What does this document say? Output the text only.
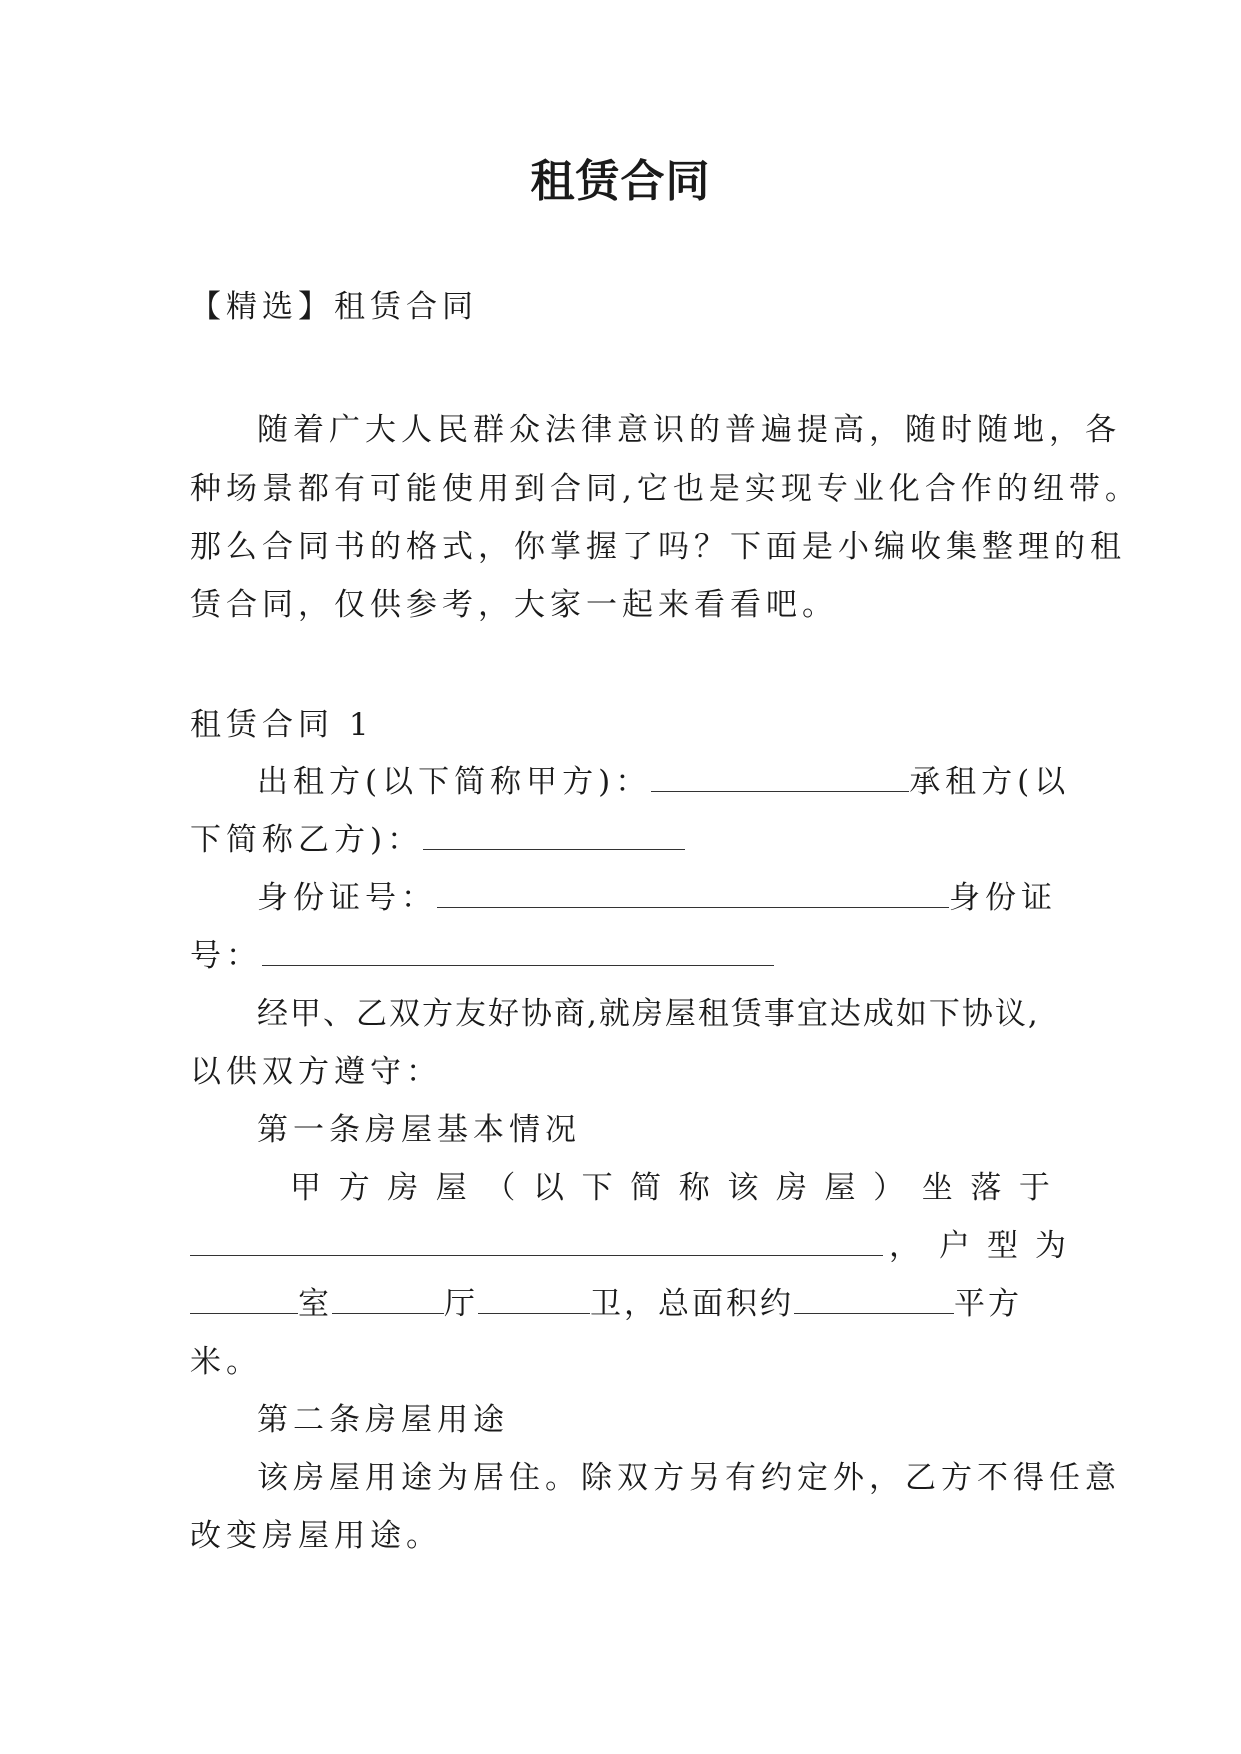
租赁合同
【精选】租赁合同
随着广大人民群众法律意识的普遍提高，随时随地，各
种场景都有可能使用到合同,它也是实现专业化合作的纽带。
那么合同书的格式，你掌握了吗？下面是小编收集整理的租
赁合同，仅供参考，大家一起来看看吧。
租赁合同 1
出租方(以下简称甲方)：	承租方(以
下简称乙方)：
身份证号：	身份证
号：
经甲、乙双方友好协商,就房屋租赁事宜达成如下协议,
以供双方遵守：
第一条房屋基本情况
甲 方 房 屋 （ 以 下 简 称 该 房 屋 ） 坐 落 于
， 户 型 为
室	厅	卫，总面积约	平方
米。
第二条房屋用途
该房屋用途为居住。除双方另有约定外，乙方不得任意
改变房屋用途。
